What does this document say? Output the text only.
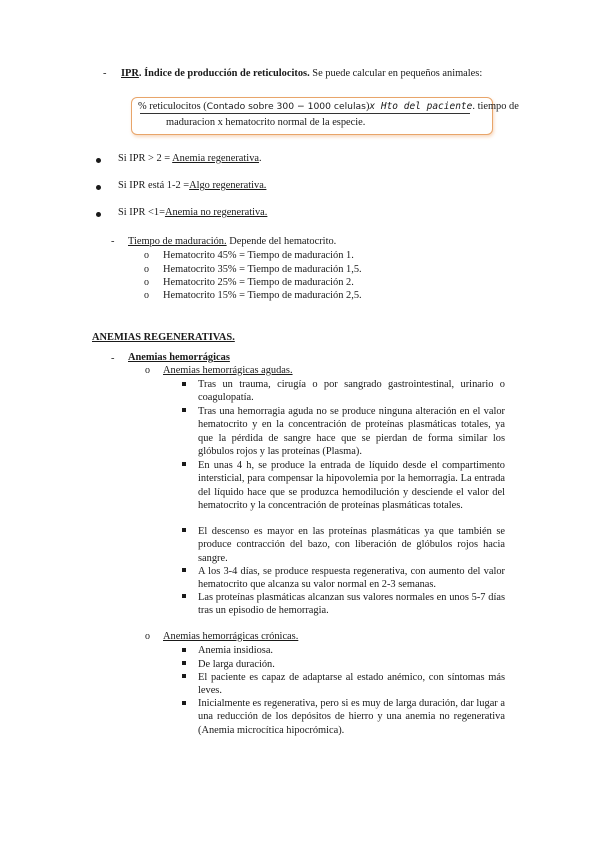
- IPR. Índice de producción de reticulocitos. Se puede calcular en pequeños animales:
% reticulocitos (Contado sobre 300 − 1000 celulas)x Hto del paciente. tiempo de
maduracion x hematocrito normal de la especie.
Si IPR > 2 = Anemia regenerativa.
Si IPR está 1-2 =Algo regenerativa.
Si IPR <1=Anemia no regenerativa.
- Tiempo de maduración. Depende del hematocrito.
o Hematocrito 45% = Tiempo de maduración 1.
o Hematocrito 35% = Tiempo de maduración 1,5.
o Hematocrito 25% = Tiempo de maduración 2.
o Hematocrito 15% = Tiempo de maduración 2,5.
ANEMIAS REGENERATIVAS.
- Anemias hemorrágicas
o Anemias hemorrágicas agudas.
Tras un trauma, cirugía o por sangrado gastrointestinal, urinario o coagulopatía.
Tras una hemorragia aguda no se produce ninguna alteración en el valor hematocrito y en la concentración de proteínas plasmáticas totales, ya que la pérdida de sangre hace que se pierdan de forma similar los glóbulos rojos y las proteínas (Plasma).
En unas 4 h, se produce la entrada de líquido desde el compartimento intersticial, para compensar la hipovolemia por la hemorragia. La entrada del líquido hace que se produzca hemodilución y desciende el valor del hematocrito y la concentración de proteínas plasmáticas totales.
El descenso es mayor en las proteínas plasmáticas ya que también se produce contracción del bazo, con liberación de glóbulos rojos hacia sangre.
A los 3-4 días, se produce respuesta regenerativa, con aumento del valor hematocrito que alcanza su valor normal en 2-3 semanas.
Las proteínas plasmáticas alcanzan sus valores normales en unos 5-7 días tras un episodio de hemorragia.
o Anemias hemorrágicas crónicas.
Anemia insidiosa.
De larga duración.
El paciente es capaz de adaptarse al estado anémico, con síntomas más leves.
Inicialmente es regenerativa, pero si es muy de larga duración, dar lugar a una reducción de los depósitos de hierro y una anemia no regenerativa (Anemia microcítica hipocrómica).
